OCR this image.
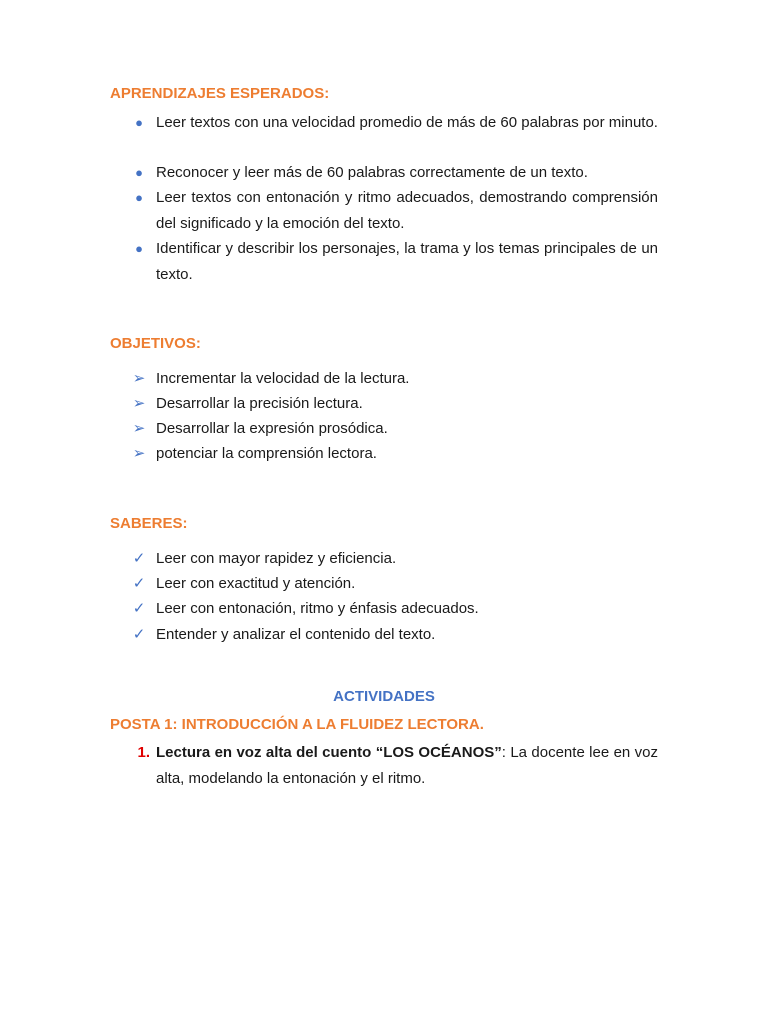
APRENDIZAJES ESPERADOS:
● Leer textos con una velocidad promedio de más de 60 palabras por minuto.
● Reconocer y leer más de 60 palabras correctamente de un texto.
● Leer textos con entonación y ritmo adecuados, demostrando comprensión del significado y la emoción del texto.
● Identificar y describir los personajes, la trama y los temas principales de un texto.
OBJETIVOS:
➢ Incrementar la velocidad de la lectura.
➢ Desarrollar la precisión lectura.
➢ Desarrollar la expresión prosódica.
➢ potenciar la comprensión lectora.
SABERES:
✓ Leer con mayor rapidez y eficiencia.
✓ Leer con exactitud y atención.
✓ Leer con entonación, ritmo y énfasis adecuados.
✓ Entender y analizar el contenido del texto.
ACTIVIDADES
POSTA 1: INTRODUCCIÓN A LA FLUIDEZ LECTORA.
1. Lectura en voz alta del cuento “LOS OCÉANOS”: La docente lee en voz alta, modelando la entonación y el ritmo.
